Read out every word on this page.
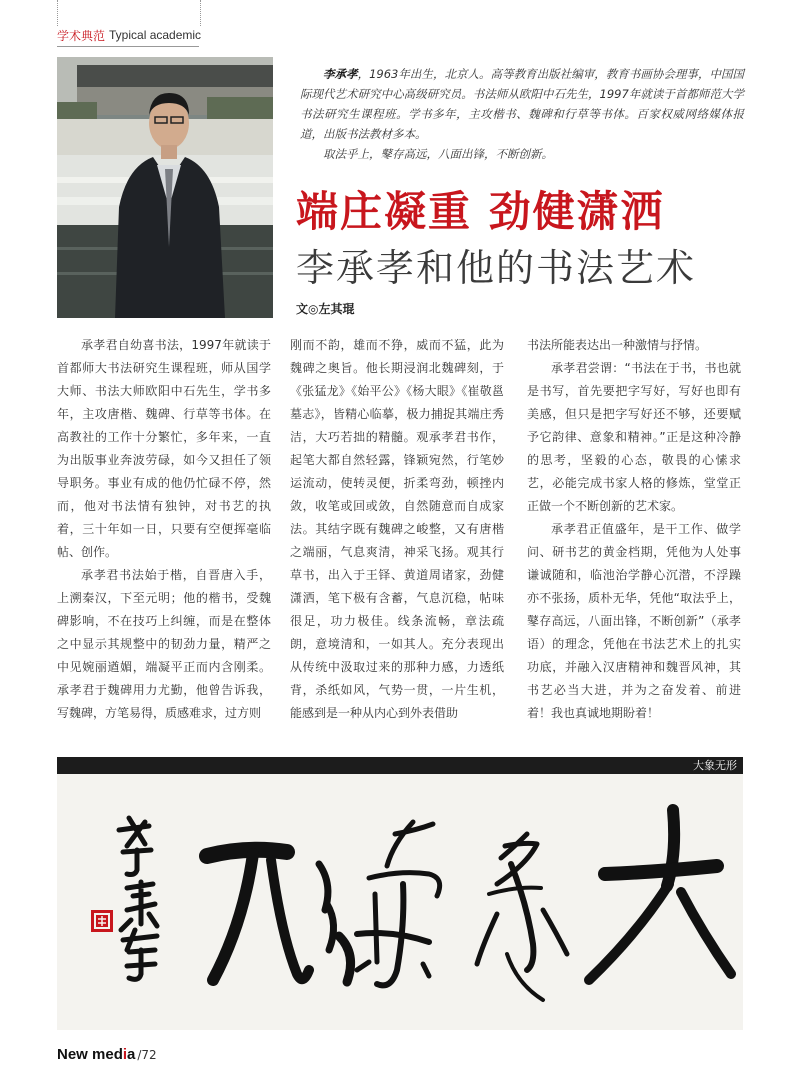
学术典范 Typical academic

李承孝，1963年出生，北京人。高等教育出版社编审，教育书画协会理事，中国国际现代艺术研究中心高级研究员。书法师从欧阳中石先生，1997年就读于首都师范大学书法研究生课程班。学书多年，主攻楷书、魏碑和行草等书体。百家权威网络媒体报道，出版书法教材多本。

取法乎上，鼕存高远，八面出锋，不断创新。

端庄凝重 劲健潇洒
李承孝和他的书法艺术
文◎左其琨

承孝君自幼喜书法，1997年就读于首都师大书法研究生课程班，师从国学大师、书法大师欧阳中石先生，学书多年，主攻唐楷、魏碑、行草等书体。在高教社的工作十分繁忙，多年来，一直为出版事业奔波劳碌，如今又担任了领导职务。事业有成的他仍忙碌不停，然而，他对书法情有独钟，对书艺的执着，三十年如一日，只要有空便挥毫临帖、创作。

承孝君书法始于楷，自晋唐入手，上溯秦汉，下至元明；他的楷书，受魏碑影响，不在技巧上纠缠，而是在整体之中显示其规整中的韧劲力量，精严之中见婉丽遒媚，端凝平正而内含刚柔。承孝君于魏碑用力尤勤，他曾告诉我，写魏碑，方笔易得，质感难求，过方则

刚而不韵，雄而不狰，威而不猛，此为魏碑之奥旨。他长期浸润北魏碑刻，于《张猛龙》《始平公》《杨大眼》《崔敬邕墓志》，皆精心临摹，极力捕捉其端庄秀洁，大巧若拙的精髓。观承孝君书作，起笔大都自然轻露，锋颖宛然，行笔妙运流动，使转灵便，折柔弯劲，顿挫内敛，收笔或回或敛，自然随意而自成家法。其结字既有魏碑之峻整，又有唐楷之端丽，气息爽清，神采飞扬。观其行草书，出入于王铎、黄道周诸家，劲健潇洒，笔下极有含蓄，气息沉稳，帖味很足，功力极佳。线条流畅，章法疏朗，意境清和，一如其人。充分表现出从传统中汲取过来的那种力感，力透纸背，杀纸如风，气势一贯，一片生机，能感到是一种从内心到外表借助

书法所能表达出一种激情与抒情。

承孝君尝谓：“书法在于书，书也就是书写，首先要把字写好，写好也即有美感，但只是把字写好还不够，还要赋予它韵律、意象和精神。”正是这种冷静的思考，坚毅的心态，敬畏的心愫求艺，必能完成书家人格的修炼，堂堂正正做一个不断创新的艺术家。

承孝君正值盛年，是干工作、做学问、研书艺的黄金档期，凭他为人处事谦诚随和，临池治学静心沉潜，不浮躁亦不张扬，质朴无华，凭他“取法乎上，鼕存高远，八面出锋，不断创新”（承孝语）的理念，凭他在书法艺术上的扎实功底，并融入汉唐精神和魏晋风神，其书艺必当大进，并为之奋发着、前进着！我也真诚地期盼着！

大象无形
New media /72
